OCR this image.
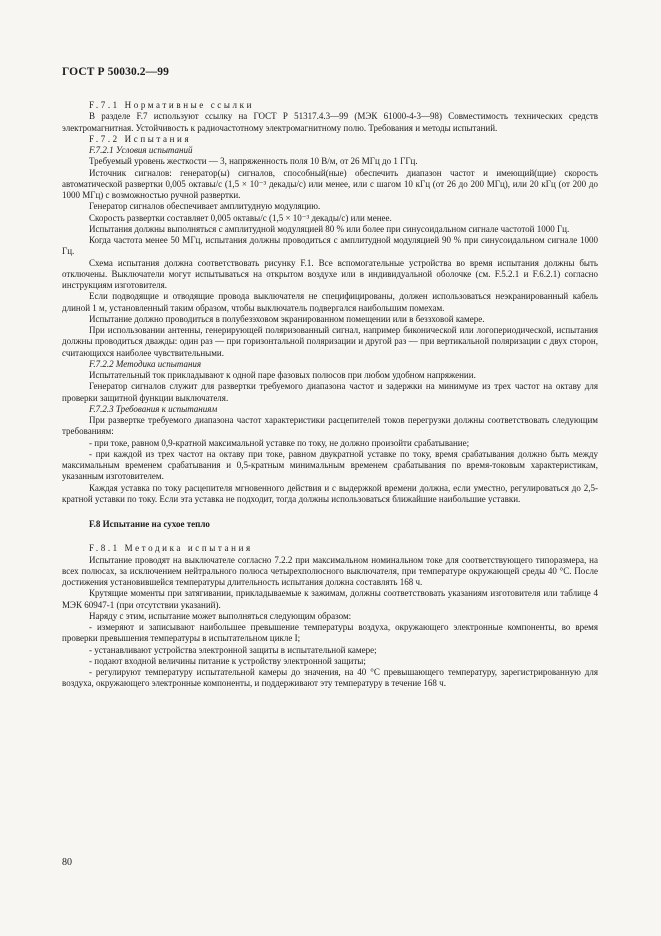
ГОСТ Р 50030.2—99

F.7.1 Нормативные ссылки

В разделе F.7 используют ссылку на ГОСТ Р 51317.4.3—99 (МЭК 61000-4-3—98) Совместимость технических средств электромагнитная. Устойчивость к радиочастотному электромагнитному полю. Требования и методы испытаний.

F.7.2 Испытания

F.7.2.1 Условия испытаний

Требуемый уровень жесткости — 3, напряженность поля 10 В/м, от 26 МГц до 1 ГГц.

Источник сигналов: генератор(ы) сигналов, способный(ные) обеспечить диапазон частот и имеющий(щие) скорость автоматической развертки 0,005 октавы/с (1,5 × 10⁻³ декады/с) или менее, или с шагом 10 кГц (от 26 до 200 МГц), или 20 кГц (от 200 до 1000 МГц) с возможностью ручной развертки.

Генератор сигналов обеспечивает амплитудную модуляцию.

Скорость развертки составляет 0,005 октавы/с (1,5 × 10⁻³ декады/с) или менее.

Испытания должны выполняться с амплитудной модуляцией 80 % или более при синусоидальном сигнале частотой 1000 Гц.

Когда частота менее 50 МГц, испытания должны проводиться с амплитудной модуляцией 90 % при синусоидальном сигнале 1000 Гц.

Схема испытания должна соответствовать рисунку F.1. Все вспомогательные устройства во время испытания должны быть отключены. Выключатели могут испытываться на открытом воздухе или в индивидуальной оболочке (см. F.5.2.1 и F.6.2.1) согласно инструкциям изготовителя.

Если подводящие и отводящие провода выключателя не специфицированы, должен использоваться неэкранированный кабель длиной 1 м, установленный таким образом, чтобы выключатель подвергался наибольшим помехам.

Испытание должно проводиться в полубезэховом экранированном помещении или в беззховой камере.

При использовании антенны, генерирующей поляризованный сигнал, например биконической или логопериодической, испытания должны проводиться дважды: один раз — при горизонтальной поляризации и другой раз — при вертикальной поляризации с двух сторон, считающихся наиболее чувствительными.

F.7.2.2 Методика испытания

Испытательный ток прикладывают к одной паре фазовых полюсов при любом удобном напряжении.

Генератор сигналов служит для развертки требуемого диапазона частот и задержки на минимуме из трех частот на октаву для проверки защитной функции выключателя.

F.7.2.3 Требования к испытаниям

При развертке требуемого диапазона частот характеристики расцепителей токов перегрузки должны соответствовать следующим требованиям:

- при токе, равном 0,9-кратной максимальной уставке по току, не должно произойти срабатывание;

- при каждой из трех частот на октаву при токе, равном двукратной уставке по току, время срабатывания должно быть между максимальным временем срабатывания и 0,5-кратным минимальным временем срабатывания по время-токовым характеристикам, указанным изготовителем.

Каждая уставка по току расцепителя мгновенного действия и с выдержкой времени должна, если уместно, регулироваться до 2,5-кратной уставки по току. Если эта уставка не подходит, тогда должны использоваться ближайшие наибольшие уставки.

F.8 Испытание на сухое тепло

F.8.1 Методика испытания

Испытание проводят на выключателе согласно 7.2.2 при максимальном номинальном токе для соответствующего типоразмера, на всех полюсах, за исключением нейтрального полюса четырехполюсного выключателя, при температуре окружающей среды 40 °С. После достижения установившейся температуры длительность испытания должна составлять 168 ч.

Крутящие моменты при затягивании, прикладываемые к зажимам, должны соответствовать указаниям изготовителя или таблице 4 МЭК 60947-1 (при отсутствии указаний).

Наряду с этим, испытание может выполняться следующим образом:

- измеряют и записывают наибольшее превышение температуры воздуха, окружающего электронные компоненты, во время проверки превышения температуры в испытательном цикле I;

- устанавливают устройства электронной защиты в испытательной камере;

- подают входной величины питание к устройству электронной защиты;

- регулируют температуру испытательной камеры до значения, на 40 °С превышающего температуру, зарегистрированную для воздуха, окружающего электронные компоненты, и поддерживают эту температуру в течение 168 ч.

80
